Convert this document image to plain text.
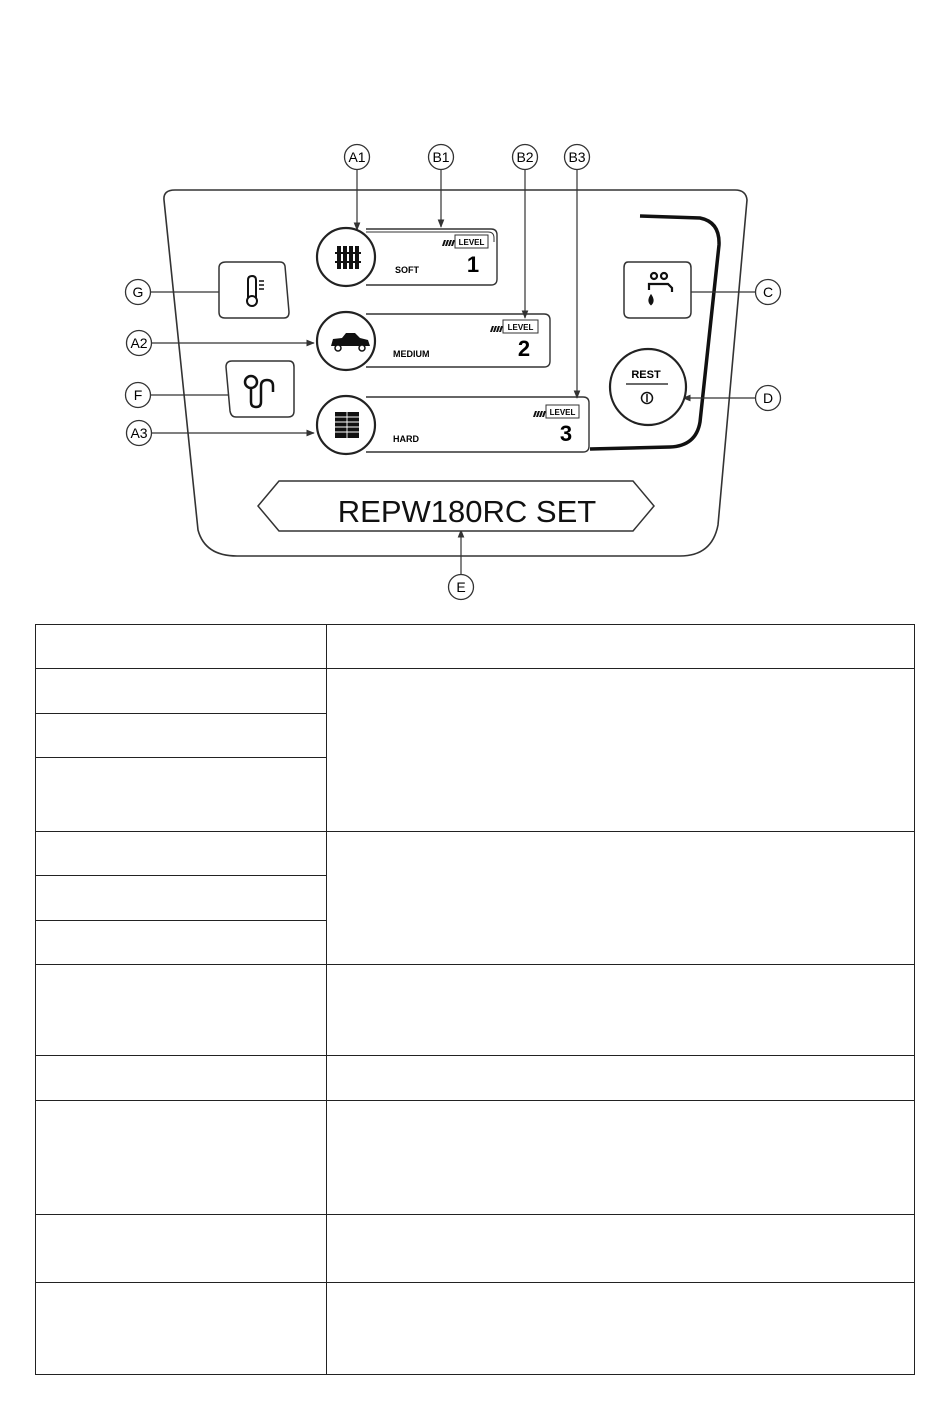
A1	B1	B2 B3
G
A2
F
A3
C
D
E
SOFT
LEVEL
1
MEDIUM
LEVEL
2
HARD
LEVEL
3
REST
REPW180RC SET
